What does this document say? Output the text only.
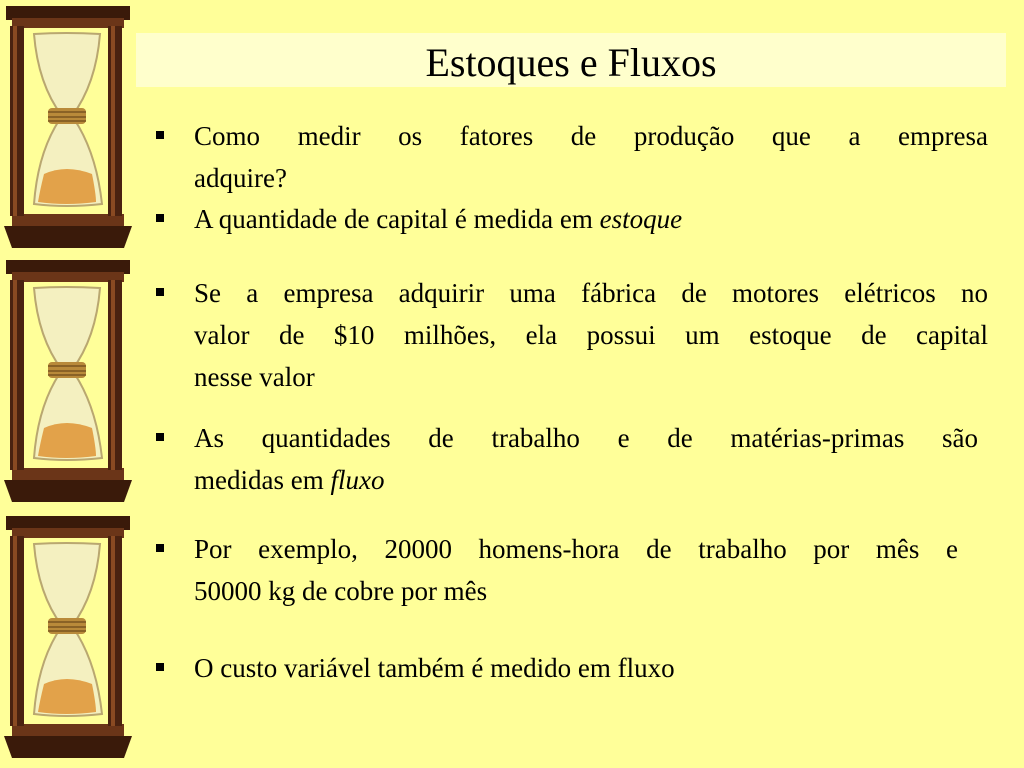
Estoques e Fluxos
Como medir os fatores de produção que a empresa
adquire?
A quantidade de capital é medida em estoque
Se a empresa adquirir uma fábrica de motores elétricos no
valor de $10 milhões, ela possui um estoque de capital
nesse valor
As quantidades de trabalho e de matérias-primas são
medidas em fluxo
Por exemplo, 20000 homens-hora de trabalho por mês e
50000 kg de cobre por mês
O custo variável também é medido em fluxo
